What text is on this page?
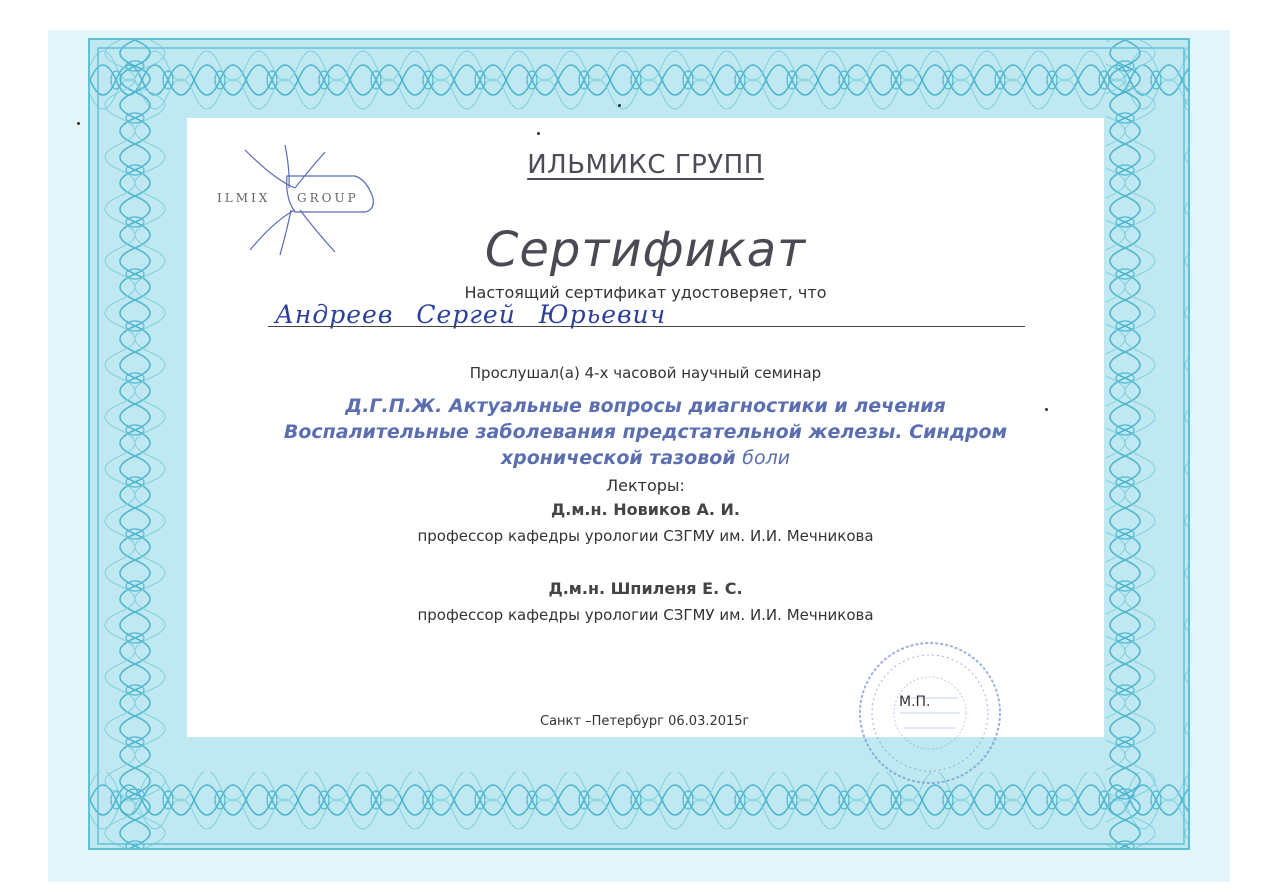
ILMIX GROUP
ИЛЬМИКС ГРУПП
Сертификат
Настоящий сертификат удостоверяет, что
Андреев Сергей Юрьевич
Прослушал(а) 4-х часовой научный семинар
Д.Г.П.Ж. Актуальные вопросы диагностики и лечения
Воспалительные заболевания предстательной железы. Синдром
хронической тазовой боли
Лекторы:
Д.м.н. Новиков А. И.
профессор кафедры урологии СЗГМУ им. И.И. Мечникова
Д.м.н. Шпиленя Е. С.
профессор кафедры урологии СЗГМУ им. И.И. Мечникова
Санкт –Петербург 06.03.2015г
М.П.
